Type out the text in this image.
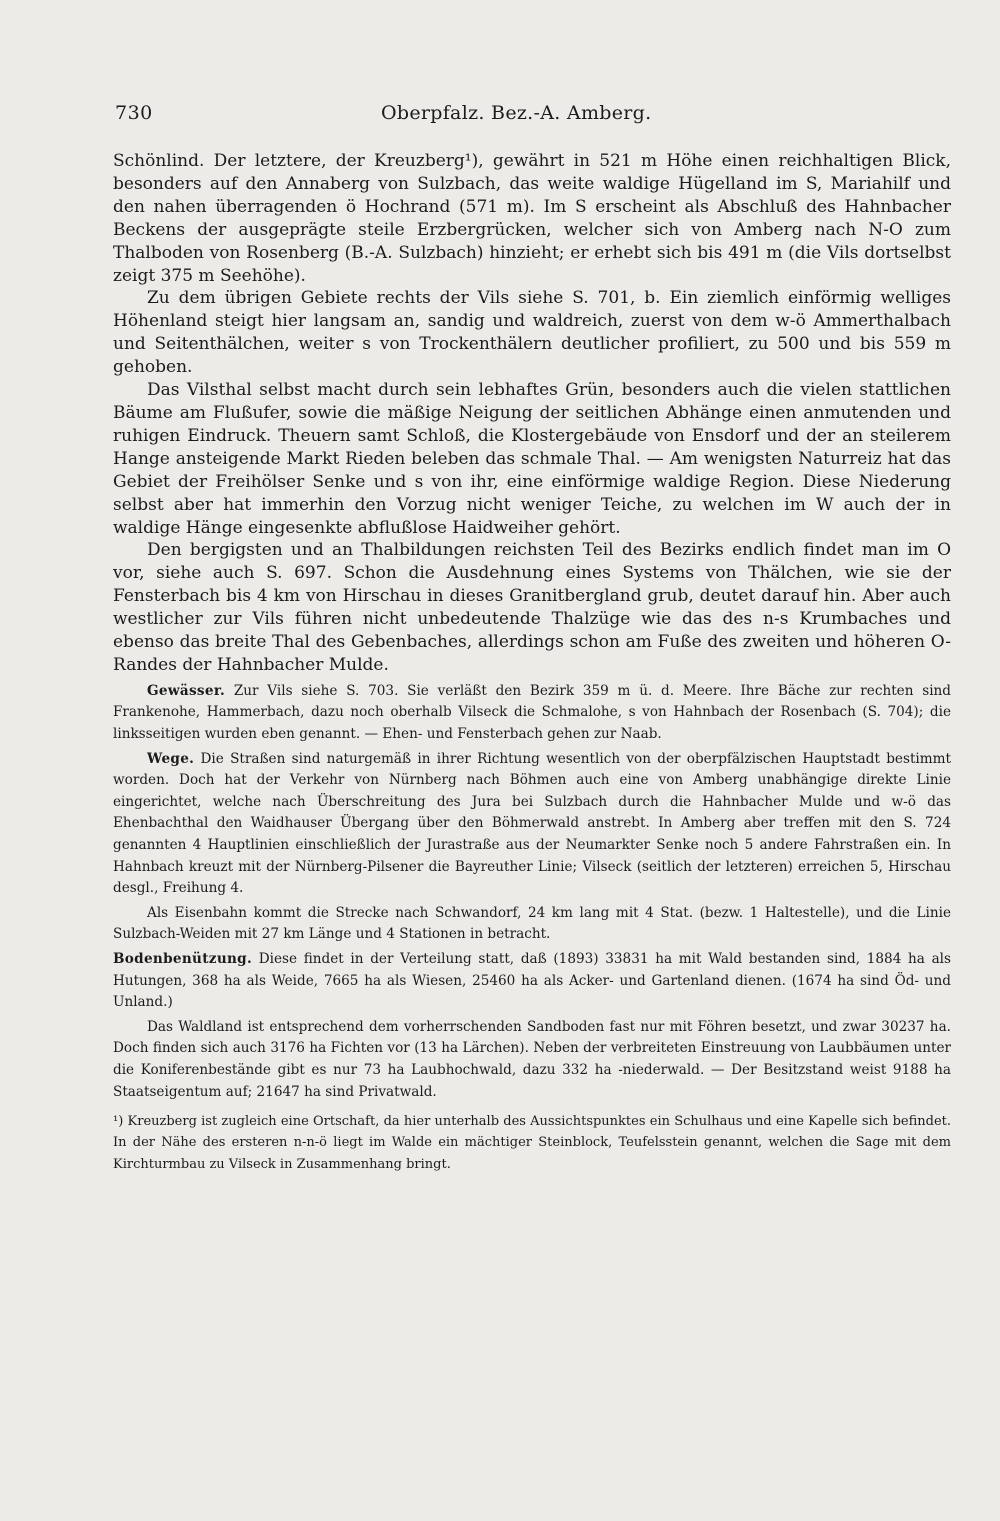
730	Oberpfalz. Bez.-A. Amberg.

Schönlind. Der letztere, der Kreuzberg¹), gewährt in 521 m Höhe einen reichhaltigen Blick, besonders auf den Annaberg von Sulzbach, das weite waldige Hügelland im S, Mariahilf und den nahen überragenden ö Hochrand (571 m). Im S erscheint als Abschluß des Hahnbacher Beckens der ausgeprägte steile Erzbergrücken, welcher sich von Amberg nach N-O zum Thalboden von Rosenberg (B.-A. Sulzbach) hinzieht; er erhebt sich bis 491 m (die Vils dortselbst zeigt 375 m Seehöhe).

Zu dem übrigen Gebiete rechts der Vils siehe S. 701, b. Ein ziemlich einförmig welliges Höhenland steigt hier langsam an, sandig und waldreich, zuerst von dem w-ö Ammerthalbach und Seitenthälchen, weiter s von Trockenthälern deutlicher profiliert, zu 500 und bis 559 m gehoben.

Das Vilsthal selbst macht durch sein lebhaftes Grün, besonders auch die vielen stattlichen Bäume am Flußufer, sowie die mäßige Neigung der seitlichen Abhänge einen anmutenden und ruhigen Eindruck. Theuern samt Schloß, die Klostergebäude von Ensdorf und der an steilerem Hange ansteigende Markt Rieden beleben das schmale Thal. — Am wenigsten Naturreiz hat das Gebiet der Freihölser Senke und s von ihr, eine einförmige waldige Region. Diese Niederung selbst aber hat immerhin den Vorzug nicht weniger Teiche, zu welchen im W auch der in waldige Hänge eingesenkte abflußlose Haidweiher gehört.

Den bergigsten und an Thalbildungen reichsten Teil des Bezirks endlich findet man im O vor, siehe auch S. 697. Schon die Ausdehnung eines Systems von Thälchen, wie sie der Fensterbach bis 4 km von Hirschau in dieses Granitbergland grub, deutet darauf hin. Aber auch westlicher zur Vils führen nicht unbedeutende Thalzüge wie das des n-s Krumbaches und ebenso das breite Thal des Gebenbaches, allerdings schon am Fuße des zweiten und höheren O-Randes der Hahnbacher Mulde.

Gewässer. Zur Vils siehe S. 703. Sie verläßt den Bezirk 359 m ü. d. Meere. Ihre Bäche zur rechten sind Frankenohe, Hammerbach, dazu noch oberhalb Vilseck die Schmalohe, s von Hahnbach der Rosenbach (S. 704); die linksseitigen wurden eben genannt. — Ehen- und Fensterbach gehen zur Naab.

Wege. Die Straßen sind naturgemäß in ihrer Richtung wesentlich von der oberpfälzischen Hauptstadt bestimmt worden. Doch hat der Verkehr von Nürnberg nach Böhmen auch eine von Amberg unabhängige direkte Linie eingerichtet, welche nach Überschreitung des Jura bei Sulzbach durch die Hahnbacher Mulde und w-ö das Ehenbachthal den Waidhauser Übergang über den Böhmerwald anstrebt. In Amberg aber treffen mit den S. 724 genannten 4 Hauptlinien einschließlich der Jurastraße aus der Neumarkter Senke noch 5 andere Fahrstraßen ein. In Hahnbach kreuzt mit der Nürnberg-Pilsener die Bayreuther Linie; Vilseck (seitlich der letzteren) erreichen 5, Hirschau desgl., Freihung 4.

Als Eisenbahn kommt die Strecke nach Schwandorf, 24 km lang mit 4 Stat. (bezw. 1 Haltestelle), und die Linie Sulzbach-Weiden mit 27 km Länge und 4 Stationen in betracht.

Bodenbenützung. Diese findet in der Verteilung statt, daß (1893) 33831 ha mit Wald bestanden sind, 1884 ha als Hutungen, 368 ha als Weide, 7665 ha als Wiesen, 25460 ha als Acker- und Gartenland dienen. (1674 ha sind Öd- und Unland.)

Das Waldland ist entsprechend dem vorherrschenden Sandboden fast nur mit Föhren besetzt, und zwar 30237 ha. Doch finden sich auch 3176 ha Fichten vor (13 ha Lärchen). Neben der verbreiteten Einstreuung von Laubbäumen unter die Koniferenbestände gibt es nur 73 ha Laubhochwald, dazu 332 ha -niederwald. — Der Besitzstand weist 9188 ha Staatseigentum auf; 21647 ha sind Privatwald.

¹) Kreuzberg ist zugleich eine Ortschaft, da hier unterhalb des Aussichtspunktes ein Schulhaus und eine Kapelle sich befindet. In der Nähe des ersteren n-n-ö liegt im Walde ein mächtiger Steinblock, Teufelsstein genannt, welchen die Sage mit dem Kirchturmbau zu Vilseck in Zusammenhang bringt.
